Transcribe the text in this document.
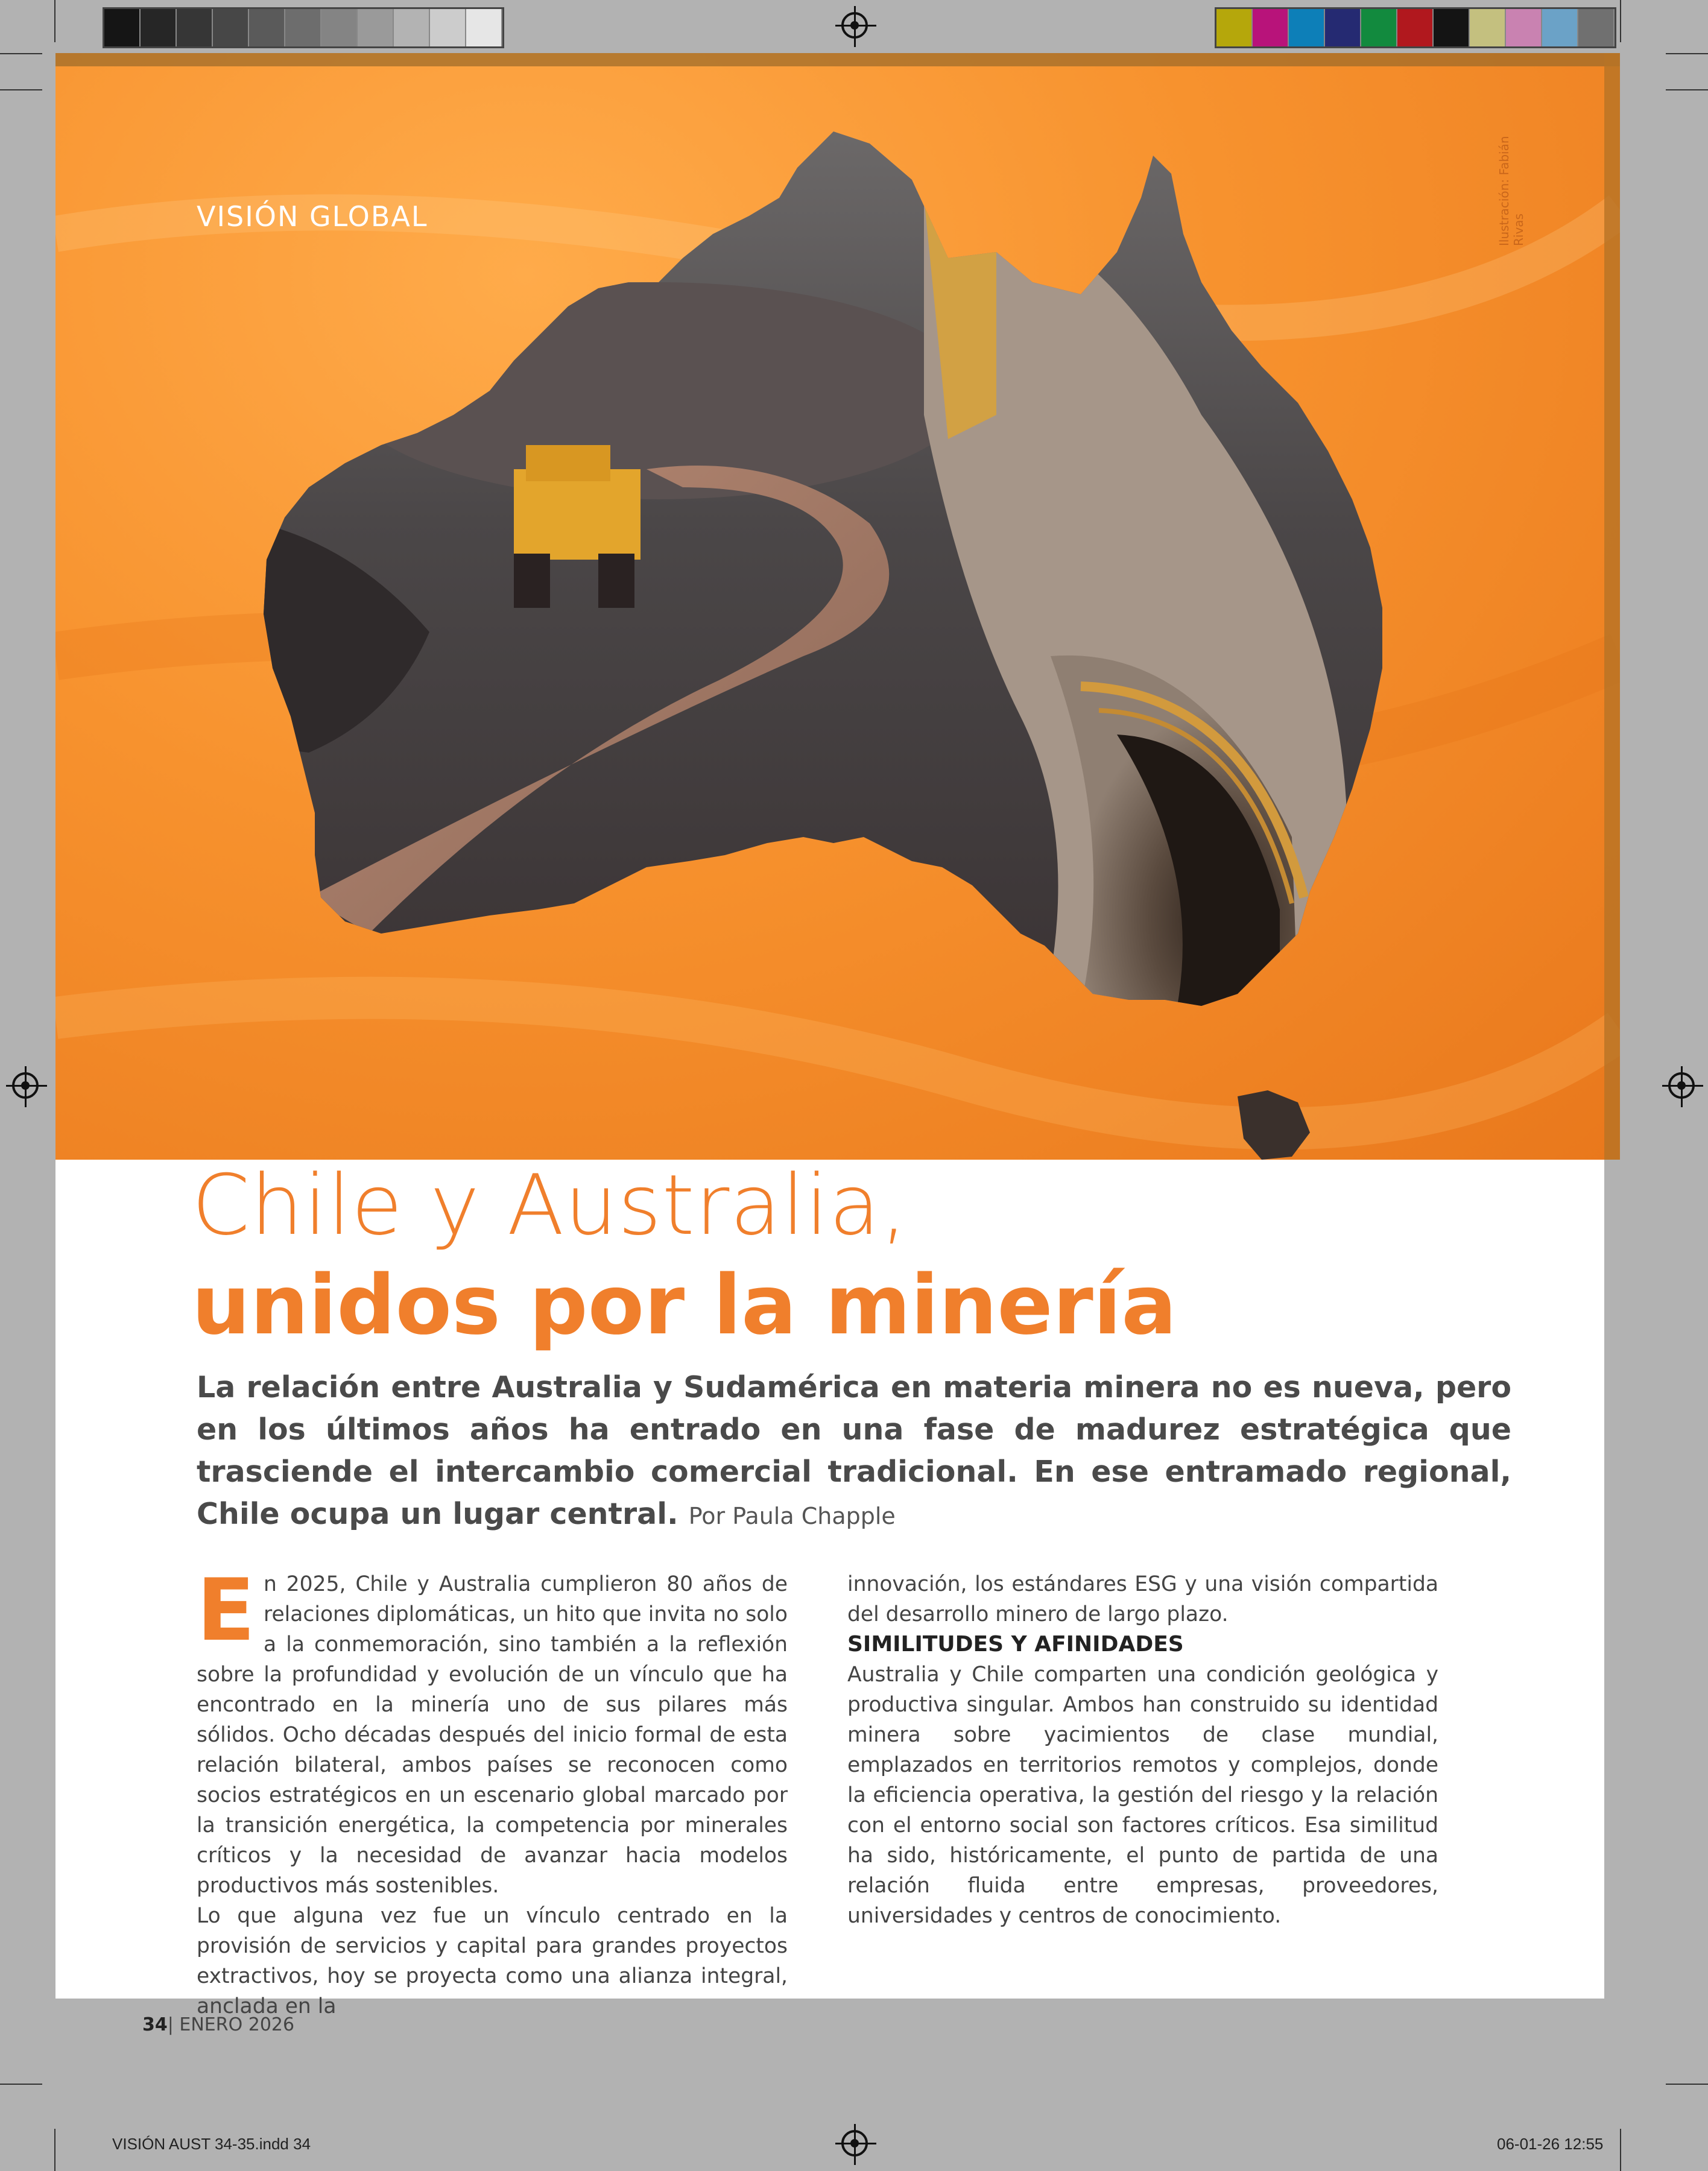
VISIÓN GLOBAL	Ilustración: Fabián Rivas
Chile y Australia,
unidos por la minería
La relación entre Australia y Sudamérica en materia minera no es nueva, pero en los últimos años ha entrado en una fase de madurez estratégica que trasciende el intercambio comercial tradicional. En ese entramado regional, Chile ocupa un lugar central. Por Paula Chapple
E n 2025, Chile y Australia cumplieron 80 años de relaciones diplomáticas, un hito que invita no solo a la conmemoración, sino también a la reflexión sobre la profundidad y evolución de un vínculo que ha encontrado en la minería uno de sus pilares más sólidos. Ocho décadas después del inicio formal de esta relación bilateral, ambos países se reconocen como socios estratégicos en un escenario global marcado por la transición energética, la competencia por minerales críticos y la necesidad de avanzar hacia modelos productivos más sostenibles.

Lo que alguna vez fue un vínculo centrado en la provisión de servicios y capital para grandes proyectos extractivos, hoy se proyecta como una alianza integral, anclada en la

innovación, los estándares ESG y una visión compartida del desarrollo minero de largo plazo.

SIMILITUDES Y AFINIDADES

Australia y Chile comparten una condición geológica y productiva singular. Ambos han construido su identidad minera sobre yacimientos de clase mundial, emplazados en territorios remotos y complejos, donde la eficiencia operativa, la gestión del riesgo y la relación con el entorno social son factores críticos. Esa similitud ha sido, históricamente, el punto de partida de una relación fluida entre empresas, proveedores, universidades y centros de conocimiento.

34| ENERO 2026
VISIÓN AUST 34-35.indd 34	06-01-26 12:55
